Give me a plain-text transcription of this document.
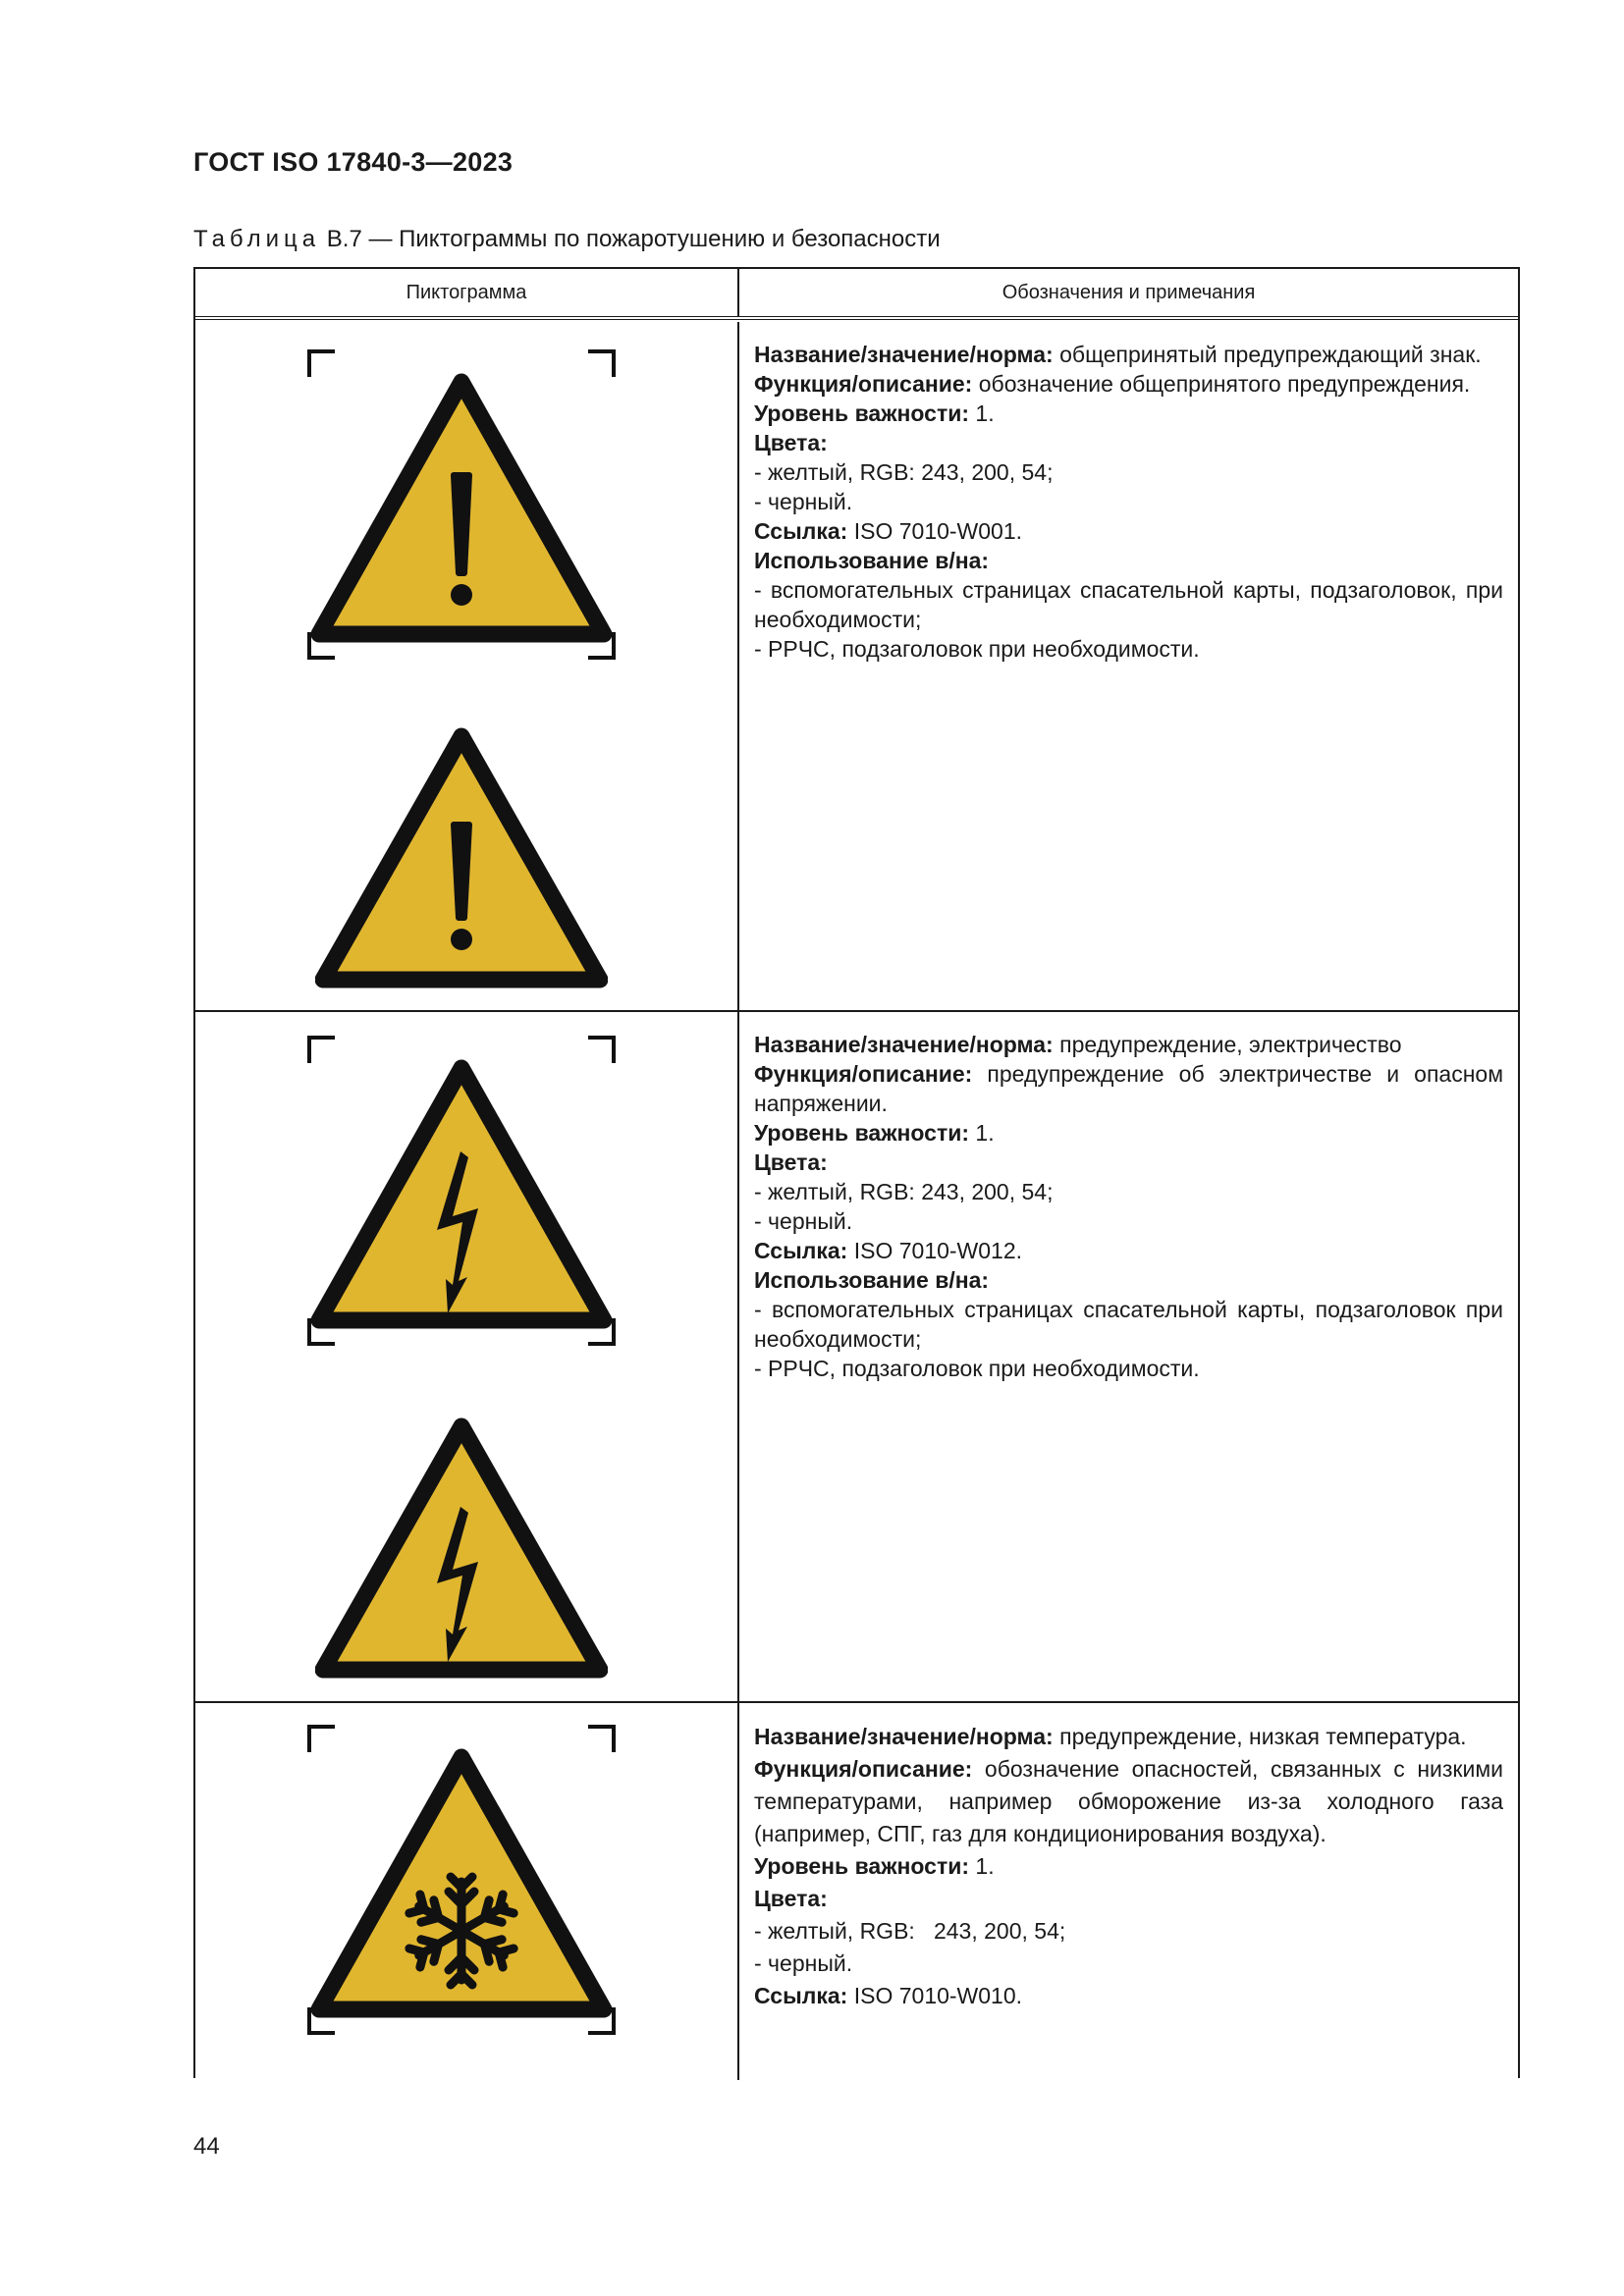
ГОСТ ISO 17840-3—2023
Таблица В.7 — Пиктограммы по пожаротушению и безопасности
Пиктограмма	Обозначения и примечания

Название/значение/норма: общепринятый предупреждающий знак.

Функция/описание: обозначение общепринятого предупреждения.

Уровень важности: 1.

Цвета:

- желтый, RGB: 243, 200, 54;

- черный.

Ссылка: ISO 7010-W001.

Использование в/на:

- вспомогательных страницах спасательной карты, подзаголовок, при необходимости;

- РРЧС, подзаголовок при необходимости.

Название/значение/норма: предупреждение, электричество

Функция/описание: предупреждение об электричестве и опасном напряжении.

Уровень важности: 1.

Цвета:

- желтый, RGB: 243, 200, 54;

- черный.

Ссылка: ISO 7010-W012.

Использование в/на:

- вспомогательных страницах спасательной карты, подзаголовок при необходимости;

- РРЧС, подзаголовок при необходимости.

Название/значение/норма: предупреждение, низкая температура.

Функция/описание: обозначение опасностей, связанных с низкими температурами, например обморожение из-за холодного газа (например, СПГ, газ для кондиционирования воздуха).

Уровень важности: 1.

Цвета:

- желтый, RGB:   243, 200, 54;

- черный.

Ссылка: ISO 7010-W010.

44
